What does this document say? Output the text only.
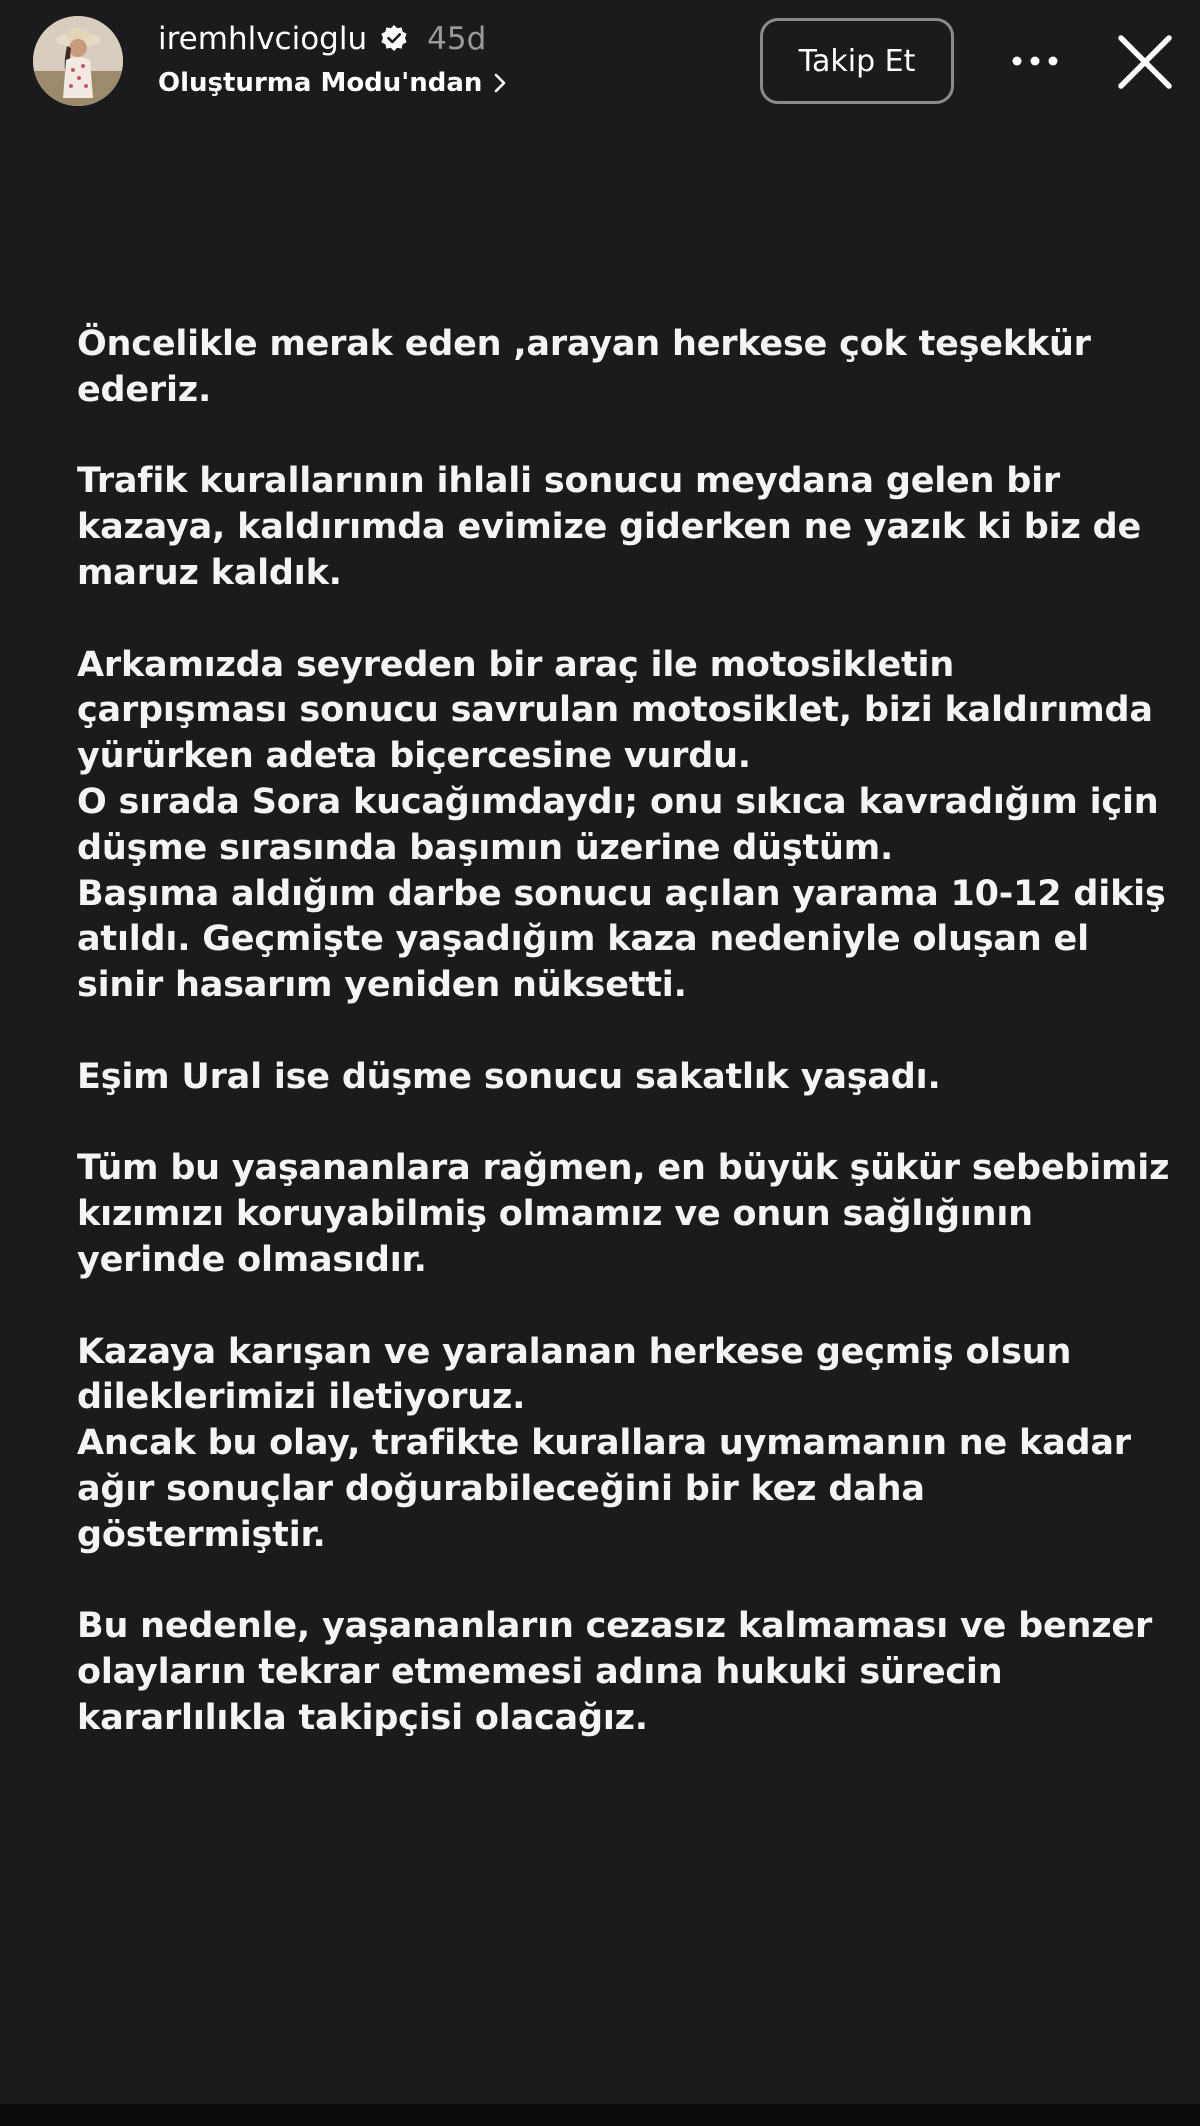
iremhlvcioglu 45d
Oluşturma Modu'ndan
Takip Et

Öncelikle merak eden ,arayan herkese çok teşekkür
ederiz.

Trafik kurallarının ihlali sonucu meydana gelen bir
kazaya, kaldırımda evimize giderken ne yazık ki biz de
maruz kaldık.

Arkamızda seyreden bir araç ile motosikletin
çarpışması sonucu savrulan motosiklet, bizi kaldırımda
yürürken adeta biçercesine vurdu.
O sırada Sora kucağımdaydı; onu sıkıca kavradığım için
düşme sırasında başımın üzerine düştüm.
Başıma aldığım darbe sonucu açılan yarama 10-12 dikiş
atıldı. Geçmişte yaşadığım kaza nedeniyle oluşan el
sinir hasarım yeniden nüksetti.

Eşim Ural ise düşme sonucu sakatlık yaşadı.

Tüm bu yaşananlara rağmen, en büyük şükür sebebimiz
kızımızı koruyabilmiş olmamız ve onun sağlığının
yerinde olmasıdır.

Kazaya karışan ve yaralanan herkese geçmiş olsun
dileklerimizi iletiyoruz.
Ancak bu olay, trafikte kurallara uymamanın ne kadar
ağır sonuçlar doğurabileceğini bir kez daha
göstermiştir.

Bu nedenle, yaşananların cezasız kalmaması ve benzer
olayların tekrar etmemesi adına hukuki sürecin
kararlılıkla takipçisi olacağız.
